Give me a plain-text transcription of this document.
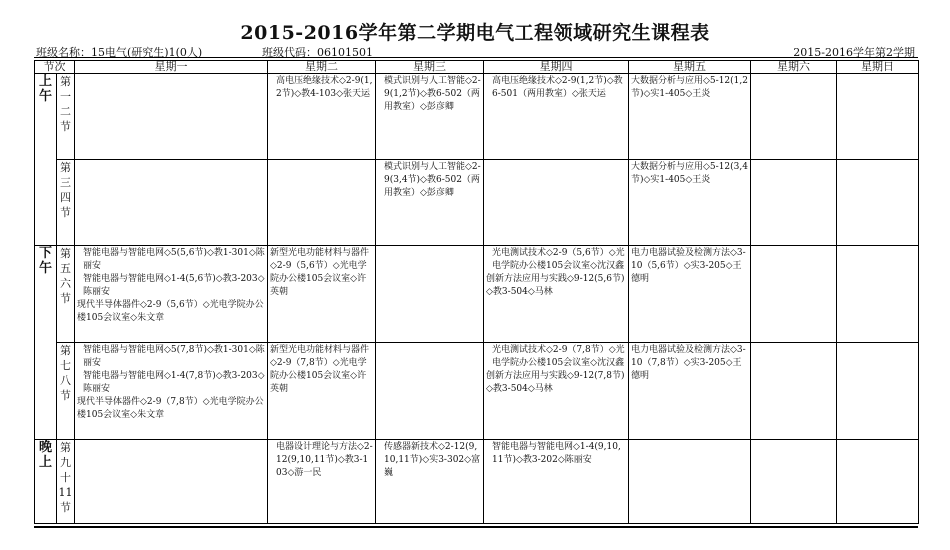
2015-2016学年第二学期电气工程领域研究生课程表
班级名称：15电气(研究生)1(0人)	班级代码：06101501	2015-2016学年第2学期
节次		星期一	星期二	星期三	星期四	星期五	星期六	星期日
上午	第一二节		高电压绝缘技术◇2-9(1,2节)◇教4-103◇张天运	模式识别与人工智能◇2-9(1,2节)◇教6-502（两用教室）◇彭彦卿	高电压绝缘技术◇2-9(1,2节)◇教6-501（两用教室）◇张天运	大数据分析与应用◇5-12(1,2节)◇实1-405◇王炎		

	第三四节			模式识别与人工智能◇2-9(3,4节)◇教6-502（两用教室）◇彭彦卿		大数据分析与应用◇5-12(3,4节)◇实1-405◇王炎		

下午	第五六节	智能电器与智能电网◇5(5,6节)◇教1-301◇陈丽安
智能电器与智能电网◇1-4(5,6节)◇教3-203◇陈丽安
现代半导体器件◇2-9（5,6节）◇光电学院办公楼105会议室◇朱文章	新型光电功能材料与器件◇2-9（5,6节）◇光电学院办公楼105会议室◇许英朝		光电测试技术◇2-9（5,6节）◇光电学院办公楼105会议室◇沈汉鑫
创新方法应用与实践◇9-12(5,6节)◇教3-504◇马林	电力电器试验及检测方法◇3-10（5,6节）◇实3-205◇王德明		

	第七八节	智能电器与智能电网◇5(7,8节)◇教1-301◇陈丽安
智能电器与智能电网◇1-4(7,8节)◇教3-203◇陈丽安
现代半导体器件◇2-9（7,8节）◇光电学院办公楼105会议室◇朱文章	新型光电功能材料与器件◇2-9（7,8节）◇光电学院办公楼105会议室◇许英朝		光电测试技术◇2-9（7,8节）◇光电学院办公楼105会议室◇沈汉鑫
创新方法应用与实践◇9-12(7,8节)◇教3-504◇马林	电力电器试验及检测方法◇3-10（7,8节）◇实3-205◇王德明		

晚上	第九十11节		电器设计理论与方法◇2-12(9,10,11节)◇教3-103◇游一民	传感器新技术◇2-12(9,10,11节)◇实3-302◇富巍	智能电器与智能电网◇1-4(9,10,11节)◇教3-202◇陈丽安			
